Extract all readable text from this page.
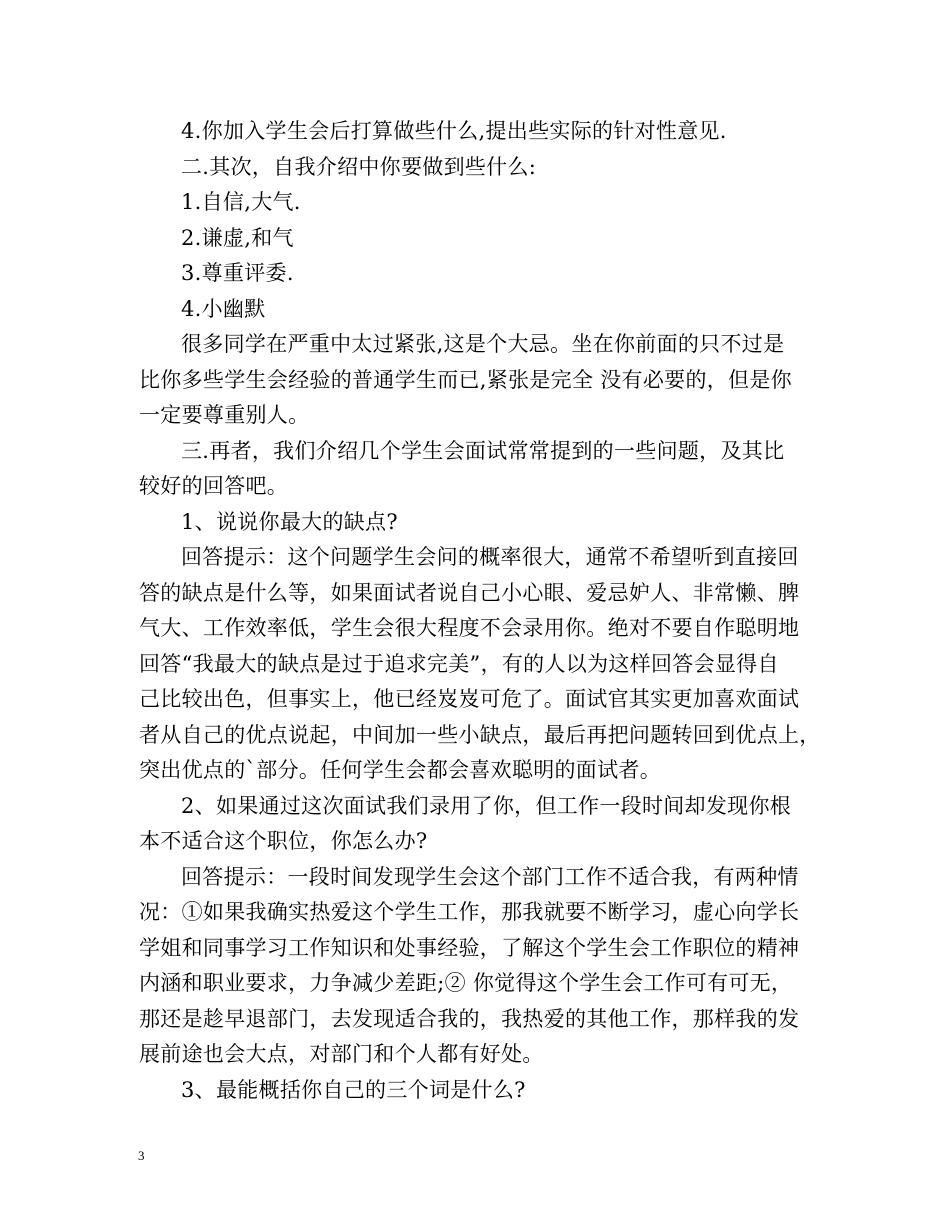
4.你加入学生会后打算做些什么,提出些实际的针对性意见.
二.其次，自我介绍中你要做到些什么:
1.自信,大气.
2.谦虚,和气
3.尊重评委.
4.小幽默
很多同学在严重中太过紧张,这是个大忌。坐在你前面的只不过是
比你多些学生会经验的普通学生而已,紧张是完全 没有必要的，但是你
一定要尊重别人。
三.再者，我们介绍几个学生会面试常常提到的一些问题，及其比
较好的回答吧。
1、说说你最大的缺点?
回答提示：这个问题学生会问的概率很大，通常不希望听到直接回
答的缺点是什么等，如果面试者说自己小心眼、爱忌妒人、非常懒、脾
气大、工作效率低，学生会很大程度不会录用你。绝对不要自作聪明地
回答“我最大的缺点是过于追求完美”，有的人以为这样回答会显得自
己比较出色，但事实上，他已经岌岌可危了。面试官其实更加喜欢面试
者从自己的优点说起，中间加一些小缺点，最后再把问题转回到优点上，
突出优点的`部分。任何学生会都会喜欢聪明的面试者。
2、如果通过这次面试我们录用了你，但工作一段时间却发现你根
本不适合这个职位，你怎么办?
回答提示：一段时间发现学生会这个部门工作不适合我，有两种情
况：①如果我确实热爱这个学生工作，那我就要不断学习，虚心向学长
学姐和同事学习工作知识和处事经验，了解这个学生会工作职位的精神
内涵和职业要求，力争减少差距;② 你觉得这个学生会工作可有可无，
那还是趁早退部门，去发现适合我的，我热爱的其他工作，那样我的发
展前途也会大点，对部门和个人都有好处。
3、最能概括你自己的三个词是什么?
3
